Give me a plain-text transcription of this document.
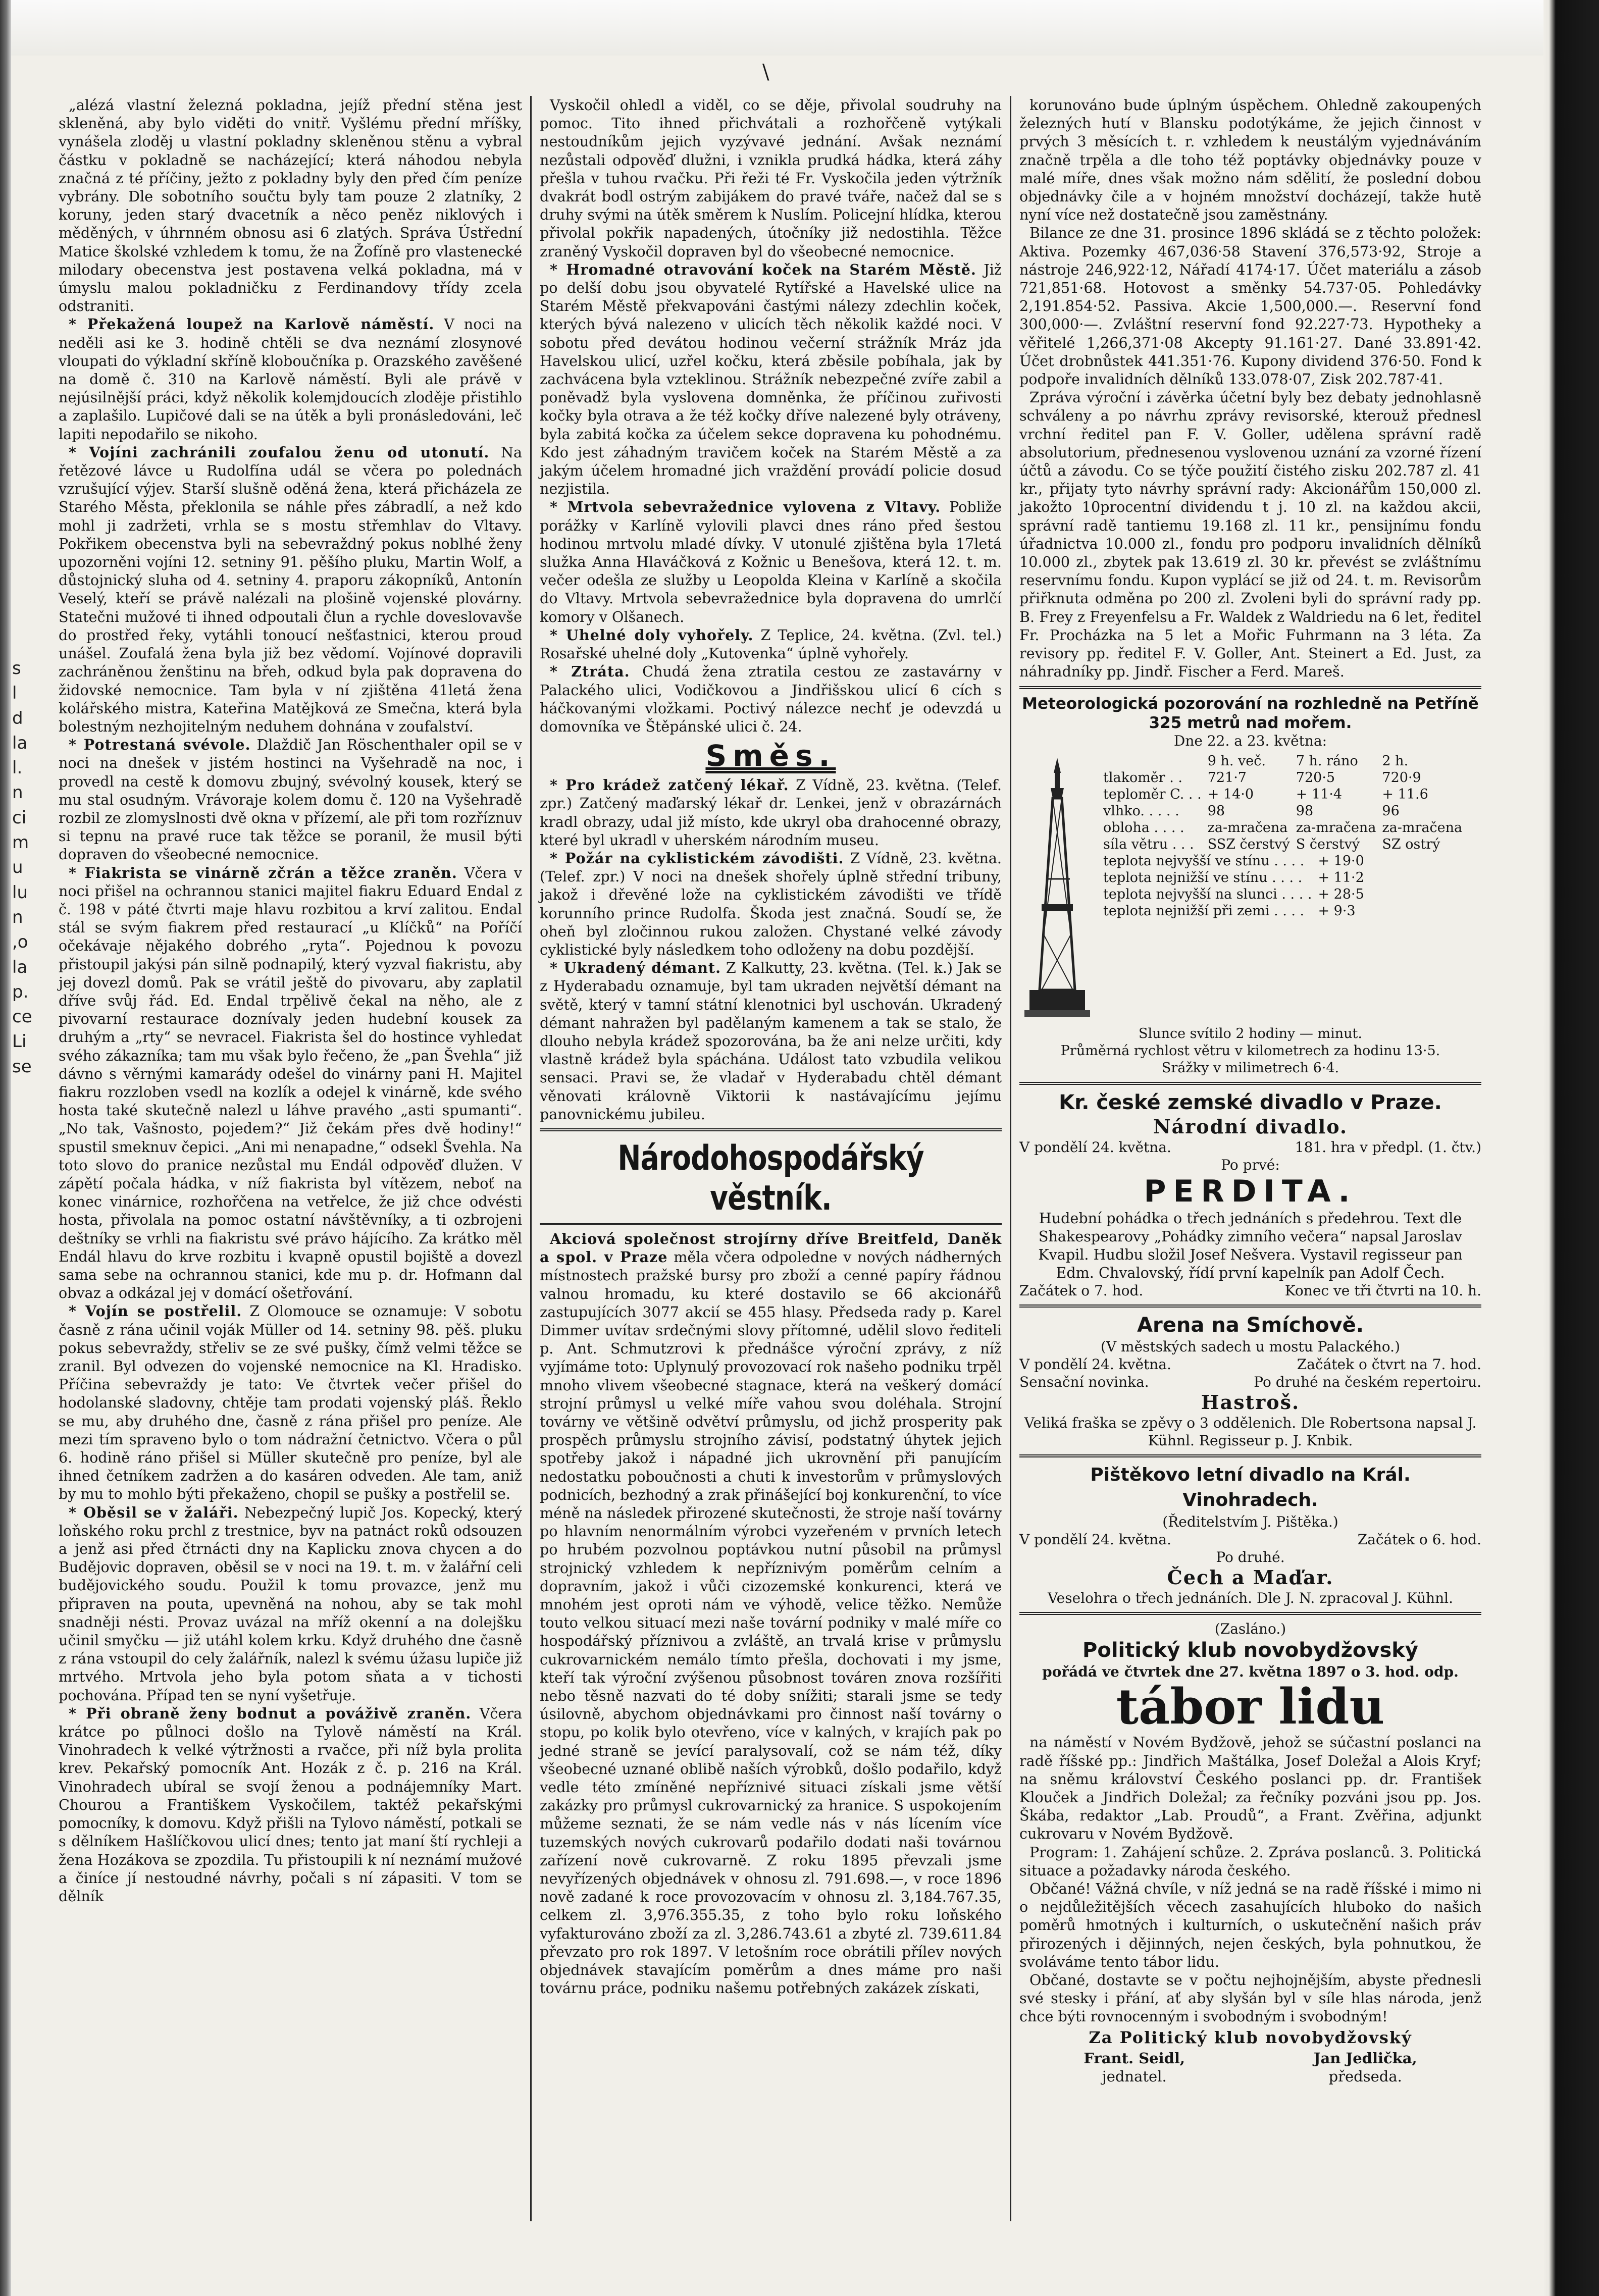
\
s
l
d
la
l.
n
ci
m
u
lu
n
,o
la
p.
ce
Li
se

„alézá vlastní železná pokladna, jejíž přední stěna jest skleněná, aby bylo viděti do vnitř. Vyšlému přední mříšky, vynášela zloděj u vlastní pokladny skleněnou stěnu a vybral částku v pokladně se nacházející; která náhodou nebyla značná z té příčiny, ježto z pokladny byly den před čím peníze vybrány. Dle sobotního součtu byly tam pouze 2 zlatníky, 2 koruny, jeden starý dvacetník a něco peněz niklových i měděných, v úhrnném obnosu asi 6 zlatých. Správa Ústřední Matice školské vzhledem k tomu, že na Žofíně pro vlastenecké milodary obecenstva jest postavena velká pokladna, má v úmyslu malou pokladničku z Ferdinandovy třídy zcela odstraniti.

* Překažená loupež na Karlově náměstí. V noci na neděli asi ke 3. hodině chtěli se dva neznámí zlosynové vloupati do výkladní skříně kloboučníka p. Orazského zavěšené na domě č. 310 na Karlově náměstí. Byli ale právě v nejúsilnější práci, když několik kolemjdoucích zloděje přistihlo a zaplašilo. Lupičové dali se na útěk a byli pronásledováni, leč lapiti nepodařilo se nikoho.

* Vojíni zachránili zoufalou ženu od utonutí. Na řetězové lávce u Rudolfína udál se včera po polednách vzrušující výjev. Starší slušně oděná žena, která přicházela ze Starého Města, překlonila se náhle přes zábradlí, a než kdo mohl ji zadržeti, vrhla se s mostu střemhlav do Vltavy. Pokřikem obecenstva byli na sebevraždný pokus noblhé ženy upozorněni vojíni 12. setniny 91. pěšího pluku, Martin Wolf, a důstojnický sluha od 4. setniny 4. praporu zákopníků, Antonín Veselý, kteří se právě nalézali na plošině vojenské plovárny. Statečni mužové ti ihned odpoutali člun a rychle doveslovavše do prostřed řeky, vytáhli tonoucí nešťastnici, kterou proud unášel. Zoufalá žena byla již bez vědomí. Vojínové dopravili zachráněnou ženštinu na břeh, odkud byla pak dopravena do židovské nemocnice. Tam byla v ní zjištěna 41letá žena kolářského mistra, Kateřina Matějková ze Smečna, která byla bolestným nezhojitelným neduhem dohnána v zoufalství.

* Potrestaná svévole. Dlaždič Jan Röschenthaler opil se v noci na dnešek v jistém hostinci na Vyšehradě na noc, i provedl na cestě k domovu zbujný, svévolný kousek, který se mu stal osudným. Vrávoraje kolem domu č. 120 na Vyšehradě rozbil ze zlomyslnosti dvě okna v přízemí, ale při tom rozříznuv si tepnu na pravé ruce tak těžce se poranil, že musil býti dopraven do všeobecné nemocnice.

* Fiakrista se vinárně zčrán a těžce zraněn. Včera v noci přišel na ochrannou stanici majitel fiakru Eduard Endal z č. 198 v páté čtvrti maje hlavu rozbitou a krví zalitou. Endal stál se svým fiakrem před restaurací „u Klíčků“ na Poříčí očekávaje nějakého dobrého „ryta“. Pojednou k povozu přistoupil jakýsi pán silně podnapilý, který vyzval fiakristu, aby jej dovezl domů. Pak se vrátil ještě do pivovaru, aby zaplatil dříve svůj řád. Ed. Endal trpělivě čekal na něho, ale z pivovarní restaurace doznívaly jeden hudební kousek za druhým a „rty“ se nevracel. Fiakrista šel do hostince vyhledat svého zákazníka; tam mu však bylo řečeno, že „pan Švehla“ již dávno s věrnými kamarády odešel do vinárny pani H. Majitel fiakru rozzloben vsedl na kozlík a odejel k vinárně, kde svého hosta také skutečně nalezl u láhve pravého „asti spumanti“. „No tak, Vašnosto, pojedem?“ Již čekám přes dvě hodiny!“ spustil smeknuv čepici. „Ani mi nenapadne,“ odsekl Švehla. Na toto slovo do pranice nezůstal mu Endál odpověď dlužen. V zápětí počala hádka, v níž fiakrista byl vítězem, neboť na konec vinárnice, rozhořčena na vetřelce, že již chce odvésti hosta, přivolala na pomoc ostatní návštěvníky, a ti ozbrojeni deštníky se vrhli na fiakristu své právo hájícího. Za krátko měl Endál hlavu do krve rozbitu i kvapně opustil bojiště a dovezl sama sebe na ochrannou stanici, kde mu p. dr. Hofmann dal obvaz a odkázal jej v domácí ošetřování.

* Vojín se postřelil. Z Olomouce se oznamuje: V sobotu časně z rána učinil voják Müller od 14. setniny 98. pěš. pluku pokus sebevraždy, střeliv se ze své pušky, čímž velmi těžce se zranil. Byl odvezen do vojenské nemocnice na Kl. Hradisko. Příčina sebevraždy je tato: Ve čtvrtek večer přišel do hodolanské sladovny, chtěje tam prodati vojenský pláš. Řeklo se mu, aby druhého dne, časně z rána přišel pro peníze. Ale mezi tím spraveno bylo o tom nádražní četnictvo. Včera o půl 6. hodině ráno přišel si Müller skutečně pro peníze, byl ale ihned četníkem zadržen a do kasáren odveden. Ale tam, aniž by mu to mohlo býti překaženo, chopil se pušky a postřelil se.

* Oběsil se v žaláři. Nebezpečný lupič Jos. Kopecký, který loňského roku prchl z trestnice, byv na patnáct roků odsouzen a jenž asi před čtrnácti dny na Kaplicku znova chycen a do Budějovic dopraven, oběsil se v noci na 19. t. m. v žalářní celi budějovického soudu. Použil k tomu provazce, jenž mu připraven na pouta, upevněná na nohou, aby se tak mohl snadněji nésti. Provaz uvázal na mříž okenní a na dolejšku učinil smyčku — již utáhl kolem krku. Když druhého dne časně z rána vstoupil do cely žalářník, nalezl k svému úžasu lupiče již mrtvého. Mrtvola jeho byla potom sňata a v tichosti pochována. Případ ten se nyní vyšetřuje.

* Při obraně ženy bodnut a pováživě zraněn. Včera krátce po půlnoci došlo na Tylově náměstí na Král. Vinohradech k velké výtržnosti a rvačce, při níž byla prolita krev. Pekařský pomocník Ant. Hozák z č. p. 216 na Král. Vinohradech ubíral se svojí ženou a podnájemníky Mart. Chourou a Františkem Vyskočilem, taktéž pekařskými pomocníky, k domovu. Když přišli na Tylovo náměstí, potkali se s dělníkem Hašlíčkovou ulicí dnes; tento jat maní ští rychleji a žena Hozákova se zpozdila. Tu přistoupili k ní neznámí mužové a činíce jí nestoudné návrhy, počali s ní zápasiti. V tom se dělník

Vyskočil ohledl a viděl, co se děje, přivolal soudruhy na pomoc. Tito ihned přichvátali a rozhořčeně vytýkali nestoudníkům jejich vyzývavé jednání. Avšak neznámí nezůstali odpověď dlužni, i vznikla prudká hádka, která záhy přešla v tuhou rvačku. Při řeži té Fr. Vyskočila jeden výtržník dvakrát bodl ostrým zabijákem do pravé tváře, načež dal se s druhy svými na útěk směrem k Nuslím. Policejní hlídka, kterou přivolal pokřik napadených, útočníky již nedostihla. Těžce zraněný Vyskočil dopraven byl do všeobecné nemocnice.

* Hromadné otravování koček na Starém Městě. Již po delší dobu jsou obyvatelé Rytířské a Havelské ulice na Starém Městě překvapováni častými nálezy zdechlin koček, kterých bývá nalezeno v ulicích těch několik každé noci. V sobotu před devátou hodinou večerní strážník Mráz jda Havelskou ulicí, uzřel kočku, která zběsile pobíhala, jak by zachvácena byla vzteklinou. Strážník nebezpečné zvíře zabil a poněvadž byla vyslovena domněnka, že příčinou zuřivosti kočky byla otrava a že též kočky dříve nalezené byly otráveny, byla zabitá kočka za účelem sekce dopravena ku pohodnému. Kdo jest záhadným travičem koček na Starém Městě a za jakým účelem hromadné jich vraždění provádí policie dosud nezjistila.

* Mrtvola sebevražednice vylovena z Vltavy. Pobliže porážky v Karlíně vylovili plavci dnes ráno před šestou hodinou mrtvolu mladé dívky. V utonulé zjištěna byla 17letá služka Anna Hlaváčková z Kožnic u Benešova, která 12. t. m. večer odešla ze služby u Leopolda Kleina v Karlíně a skočila do Vltavy. Mrtvola sebevražednice byla dopravena do umrlčí komory v Olšanech.

* Uhelné doly vyhořely. Z Teplice, 24. května. (Zvl. tel.) Rosařské uhelné doly „Kutovenka“ úplně vyhořely.

* Ztráta. Chudá žena ztratila cestou ze zastavárny v Palackého ulici, Vodičkovou a Jindřišskou ulicí 6 cích s háčkovanými vložkami. Poctivý nálezce nechť je odevzdá u domovníka ve Štěpánské ulici č. 24.

Směs.

* Pro krádež zatčený lékař. Z Vídně, 23. května. (Telef. zpr.) Zatčený maďarský lékař dr. Lenkei, jenž v obrazárnách kradl obrazy, udal již místo, kde ukryl oba drahocenné obrazy, které byl ukradl v uherském národním museu.

* Požár na cyklistickém závodišti. Z Vídně, 23. května. (Telef. zpr.) V noci na dnešek shořely úplně střední tribuny, jakož i dřevěné lože na cyklistickém závodišti ve třídě korunního prince Rudolfa. Škoda jest značná. Soudí se, že oheň byl zločinnou rukou založen. Chystané velké závody cyklistické byly následkem toho odloženy na dobu pozdější.

* Ukradený démant. Z Kalkutty, 23. května. (Tel. k.) Jak se z Hyderabadu oznamuje, byl tam ukraden největší démant na světě, který v tamní státní klenotnici byl uschován. Ukradený démant nahražen byl padělaným kamenem a tak se stalo, že dlouho nebyla krádež spozorována, ba že ani nelze určiti, kdy vlastně krádež byla spáchána. Událost tato vzbudila velikou sensaci. Pravi se, že vladař v Hyderabadu chtěl démant věnovati královně Viktorii k nastávajícímu jejímu panovnickému jubileu.

Národohospodářský věstník.

Akciová společnost strojírny dříve Breitfeld, Daněk a spol. v Praze měla včera odpoledne v nových nádherných místnostech pražské bursy pro zboží a cenné papíry řádnou valnou hromadu, ku které dostavilo se 66 akcionářů zastupujících 3077 akcií se 455 hlasy. Předseda rady p. Karel Dimmer uvítav srdečnými slovy přítomné, udělil slovo řediteli p. Ant. Schmutzrovi k přednášce výroční zprávy, z níž vyjímáme toto: Uplynulý provozovací rok našeho podniku trpěl mnoho vlivem všeobecné stagnace, která na veškerý domácí strojní průmysl u velké míře vahou svou doléhala. Strojní továrny ve většině odvětví průmyslu, od jichž prosperity pak prospěch průmyslu strojního závisí, podstatný úhytek jejich spotřeby jakož i nápadné jich ukrovnění při panujícím nedostatku poboučnosti a chuti k investorům v průmyslových podnicích, bezhodný a zrak přinášející boj konkurenční, to více méně na následek přirozené skutečnosti, že stroje naší továrny po hlavním nenormálním výrobci vyzeřeném v prvních letech po hrubém pozvolnou poptávkou nutní působil na průmysl strojnický vzhledem k nepříznivým poměrům celním a dopravním, jakož i vůči cizozemské konkurenci, která ve mnohém jest oproti nám ve výhodě, velice těžko. Nemůže touto velkou situací mezi naše tovární podniky v malé míře co hospodářský příznivou a zvláště, an trvalá krise v průmyslu cukrovarnickém nemálo tímto přešla, dochovati i my jsme, kteří tak výroční zvýšenou působnost továren znova rozšířiti nebo těsně nazvati do té doby snížiti; starali jsme se tedy úsilovně, abychom objednávkami pro činnost naší továrny o stopu, po kolik bylo otevřeno, více v kalných, v krajích pak po jedné straně se jevící paralysovalí, což se nám též, díky všeobecné uznané oblibě naších výrobků, došlo podařilo, když vedle této zmíněné nepříznivé situaci získali jsme větší zakázky pro průmysl cukrovarnický za hranice. S uspokojením můžeme seznati, že se nám vedle nás v nás lícením více tuzemských nových cukrovarů podařilo dodati naši továrnou zařízení nově cukrovarně. Z roku 1895 převzali jsme nevyřízených objednávek v ohnosu zl. 791.698.—, v roce 1896 nově zadané k roce provozovacím v ohnosu zl. 3,184.767.35, celkem zl. 3,976.355.35, z toho bylo roku loňského vyfakturováno zboží za zl. 3,286.743.61 a zbyté zl. 739.611.84 převzato pro rok 1897. V letošním roce obrátili přílev nových objednávek stavajícím poměrům a dnes máme pro naši továrnu práce, podniku našemu potřebných zakázek získati,

korunováno bude úplným úspěchem. Ohledně zakoupených železných hutí v Blansku podotýkáme, že jejich činnost v prvých 3 měsících t. r. vzhledem k neustálým vyjednáváním značně trpěla a dle toho též poptávky objednávky pouze v malé míře, dnes však možno nám sdělití, že poslední dobou objednávky čile a v hojném množství docházejí, takže hutě nyní více než dostatečně jsou zaměstnány.

Bilance ze dne 31. prosince 1896 skládá se z těchto položek: Aktiva. Pozemky 467,036·58 Stavení 376,573·92, Stroje a nástroje 246,922·12, Nářadí 4174·17. Účet materiálu a zásob 721,851·68. Hotovost a směnky 54.737·05. Pohledávky 2,191.854·52. Passiva. Akcie 1,500,000.—. Reservní fond 300,000·—. Zvláštní reservní fond 92.227·73. Hypotheky a věřitelé 1,266,371·08 Akcepty 91.161·27. Dané 33.891·42. Účet drobnůstek 441.351·76. Kupony dividend 376·50. Fond k podpoře invalidních dělníků 133.078·07, Zisk 202.787·41.

Zpráva výroční i závěrka účetní byly bez debaty jednohlasně schváleny a po návrhu zprávy revisorské, kterouž přednesl vrchní ředitel pan F. V. Goller, udělena správní radě absolutorium, přednesenou vyslovenou uznání za vzorné řízení účtů a závodu. Co se týče použití čistého zisku 202.787 zl. 41 kr., přijaty tyto návrhy správní rady: Akcionářům 150,000 zl. jakožto 10procentní dividendu t j. 10 zl. na každou akcii, správní radě tantiemu 19.168 zl. 11 kr., pensijnímu fondu úřadnictva 10.000 zl., fondu pro podporu invalidních dělníků 10.000 zl., zbytek pak 13.619 zl. 30 kr. převést se zvláštnímu reservnímu fondu. Kupon vyplácí se již od 24. t. m. Revisorům přiřknuta odměna po 200 zl. Zvoleni byli do správní rady pp. B. Frey z Freyenfelsu a Fr. Waldek z Waldriedu na 6 let, ředitel Fr. Procházka na 5 let a Mořic Fuhrmann na 3 léta. Za revisory pp. ředitel F. V. Goller, Ant. Steinert a Ed. Just, za náhradníky pp. Jindř. Fischer a Ferd. Mareš.

Meteorologická pozorování na rozhledně na Petříně
325 metrů nad mořem.
Dne 22. a 23. května:
	9 h. več.	7 h. ráno	2 h.
tlakoměr . .	721·7	720·5	720·9
teploměr C. . .	+ 14·0	+ 11·4	+ 11.6
vlhko. . . . .	98	98	96
obloha . . . .	za-mračena	za-mračena	za-mračena
síla větru . . .	SSZ čerstvý	S čerstvý	SZ ostrý
teplota nejvyšší ve stínu . . . .	+ 19·0
teplota nejnižší ve stínu . . . .	+ 11·2
teplota nejvyšší na slunci . . . .	+ 28·5
teplota nejnižší při zemi . . . .	+ 9·3
Slunce svítilo 2 hodiny — minut.
Průměrná rychlost větru v kilometrech za hodinu 13·5.
Srážky v milimetrech 6·4.
Kr. české zemské divadlo v Praze.
Národní divadlo.
V pondělí 24. května.	181. hra v předpl. (1. čtv.)
Po prvé:
PERDITA.
Hudební pohádka o třech jednáních s předehrou. Text dle Shakespearovy „Pohádky zimního večera“ napsal Jaroslav Kvapil. Hudbu složil Josef Nešvera. Vystavil regisseur pan Edm. Chvalovský, řídí první kapelník pan Adolf Čech.
Začátek o 7. hod.	Konec ve tři čtvrti na 10. h.
Arena na Smíchově.
(V městských sadech u mostu Palackého.)
V pondělí 24. května.	Začátek o čtvrt na 7. hod.
Sensační novinka.	Po druhé na českém repertoiru.
Hastroš.
Veliká fraška se zpěvy o 3 oddělenich. Dle Robertsona napsal J. Kühnl. Regisseur p. J. Knbik.
Pištěkovo letní divadlo na Král. Vinohradech.
(Ředitelstvím J. Pištěka.)
V pondělí 24. května.	Začátek o 6. hod.
Po druhé.
Čech a Maďar.
Veselohra o třech jednáních. Dle J. N. zpracoval J. Kühnl.
(Zasláno.)
Politický klub novobydžovský
pořádá ve čtvrtek dne 27. května 1897 o 3. hod. odp.
tábor lidu

na náměstí v Novém Bydžově, jehož se súčastní poslanci na radě říšské pp.: Jindřich Maštálka, Josef Doležal a Alois Kryf; na sněmu království Českého poslanci pp. dr. František Klouček a Jindřich Doležal; za řečníky pozváni jsou pp. Jos. Škába, redaktor „Lab. Proudů“, a Frant. Zvěřina, adjunkt cukrovaru v Novém Bydžově.

Program: 1. Zahájení schůze. 2. Zpráva poslanců. 3. Politická situace a požadavky národa českého.

Občané! Vážná chvíle, v níž jedná se na radě říšské i mimo ni o nejdůležitějších věcech zasahujících hluboko do našich poměrů hmotných i kulturních, o uskutečnění našich práv přirozených i dějinných, nejen českých, byla pohnutkou, že svoláváme tento tábor lidu.

Občané, dostavte se v počtu nejhojnějším, abyste přednesli své stesky i přání, ať aby slyšán byl v síle hlas národa, jenž chce býti rovnocenným i svobodným i svobodným!

Za Politický klub novobydžovský
Frant. Seidl,
jednatel.
Jan Jedlička,
předseda.
